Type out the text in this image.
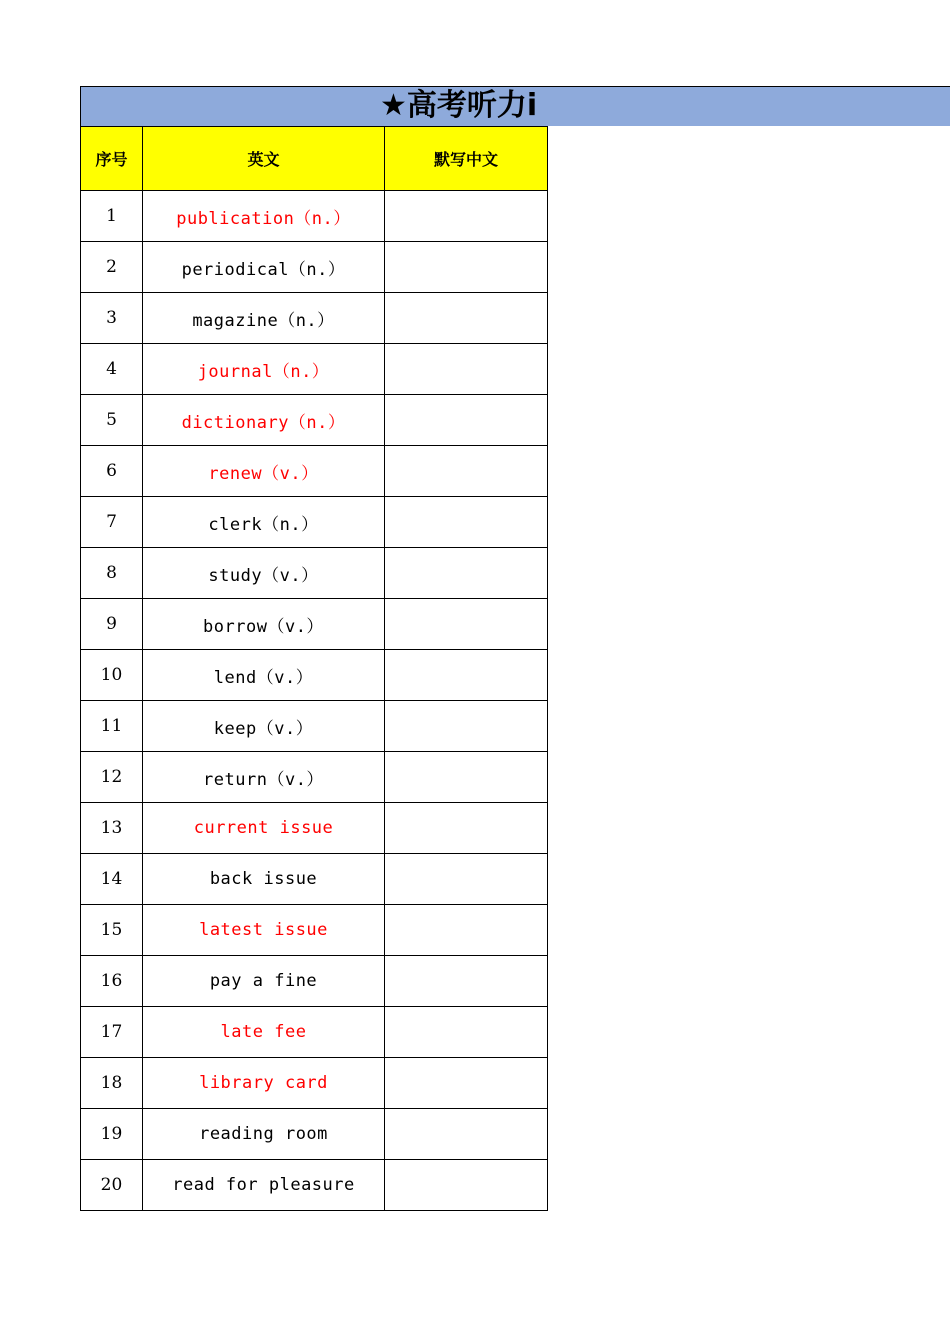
★高考听力i
序号	英文	默写中文
1	publication（n.）	
2	periodical（n.）	
3	magazine（n.）	
4	journal（n.）	
5	dictionary（n.）	
6	renew（v.）	
7	clerk（n.）	
8	study（v.）	
9	borrow（v.）	
10	lend（v.）	
11	keep（v.）	
12	return（v.）	
13	current issue	
14	back issue	
15	latest issue	
16	pay a fine	
17	late fee	
18	library card	
19	reading room	
20	read for pleasure	
